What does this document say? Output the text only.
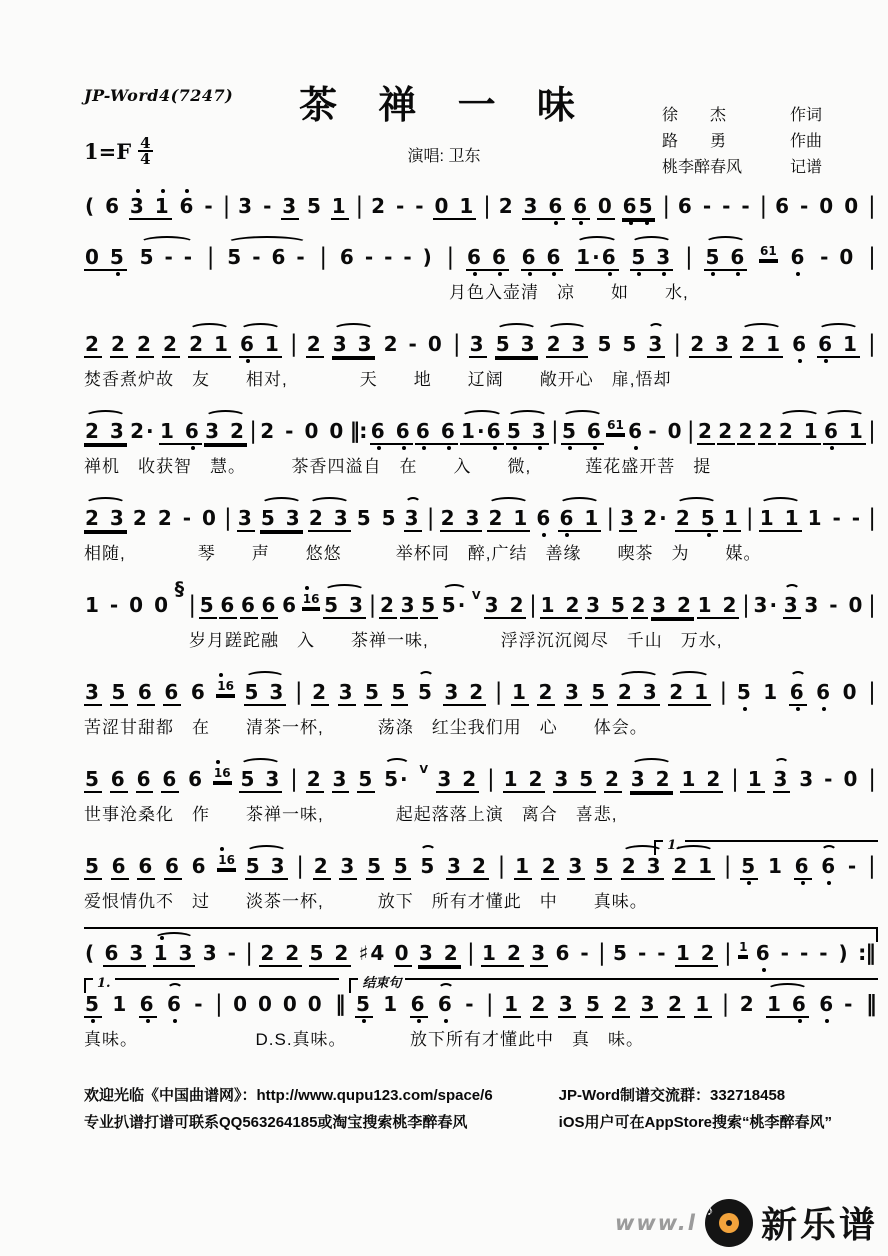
JP-Word4(7247)	茶 禅 一 味
$1=F \frac{4}{4}$	演唱: 卫东
徐　　杰	作词
路　　勇	作曲
桃李醉春风	记谱
( 6 3 1 6 - | 3 - 3 5 1 | 2 - - 0 1 | 2 3 6 6 0 65 | 6 - - - | 6 - 0 0 |
0 5 5 - - | 5 - 6 - | 6 - - - ) | 6 6 6 6 1·6 5 3 | 5 6 61 6 - 0 |
月色入壶清　凉　　如　　水,
2 2 2 2 2 1 6 1 | 2 3 3 2 - 0 | 3 5 3 2 3 5 5 3 | 2 3 2 1 6 6 1 |
焚香煮炉故　友　　相对,　　　　天　　地　　辽阔　　敞开心　扉,悟却
2 3 2· 1 6 3 2 | 2 - 0 0 ‖: 6 6 6 6 1·6 5 3 | 5 6 61 6 - 0 | 2 2 2 2 2 1 6 1 |
禅机　收获智　慧。　　　茶香四溢自　在　　入　　微,　　　莲花盛开菩　提
2 3 2 2 - 0 | 3 5 3 2 3 5 5 3 | 2 3 2 1 6 6 1 | 3 2· 2 5 1 | 1 1 1 - - |
相随,　　　　琴　　声　　悠悠　　　举杯同　醉,广结　善缘　　喫茶　为　　媒。
1 - 0 0
§
| 5 6 6 6 6 16 5 3 | 2 3 5 5· V 3 2 | 1 2 3 5 2 3 2 1 2 | 3· 3 3 - 0 |
岁月蹉跎融　入　　茶禅一味,　　　　浮浮沉沉阅尽　千山　万水,
3 5 6 6 6 16 5 3 | 2 3 5 5 5 3 2 | 1 2 3 5 2 3 2 1 | 5 1 6 6 0 |
苦涩甘甜都　在　　清茶一杯,　　　荡涤　红尘我们用　心　　体会。
5 6 6 6 6 16 5 3 | 2 3 5 5· V 3 2 | 1 2 3 5 2 3 2 1 2 | 1 3 3 - 0 |
世事沧桑化　作　　茶禅一味,　　　　起起落落上演　离合　喜悲,
1.
5 6 6 6 6 16 5 3 | 2 3 5 5 5 3 2 | 1 2 3 5 2 3 2 1 | 5 1 6 6 - |
爱恨情仇不　过　　淡茶一杯,　　　放下　所有才懂此　中　　真味。
( 6 3 1 3 3 - | 2 2 5 2 ♯4 0 3 2 | 1 2 3 6 - | 5 - - 1 2 | 1 6 - - - ) :‖
1.	结束句
5 1 6 6 - | 0 0 0 0 ‖ 5 1 6 6 - | 1 2 3 5 2 3 2 1 | 2 1 6 6 - ‖
真味。　　　　　　　D.S.真味。　　　　放下所有才懂此中　真　味。
欢迎光临《中国曲谱网》：http://www.qupu123.com/space/6
专业扒谱打谱可联系QQ563264185或淘宝搜索桃李醉春风
JP-Word制谱交流群：332718458
iOS用户可在AppStore搜索“桃李醉春风”
www.l
♪ 新乐谱
